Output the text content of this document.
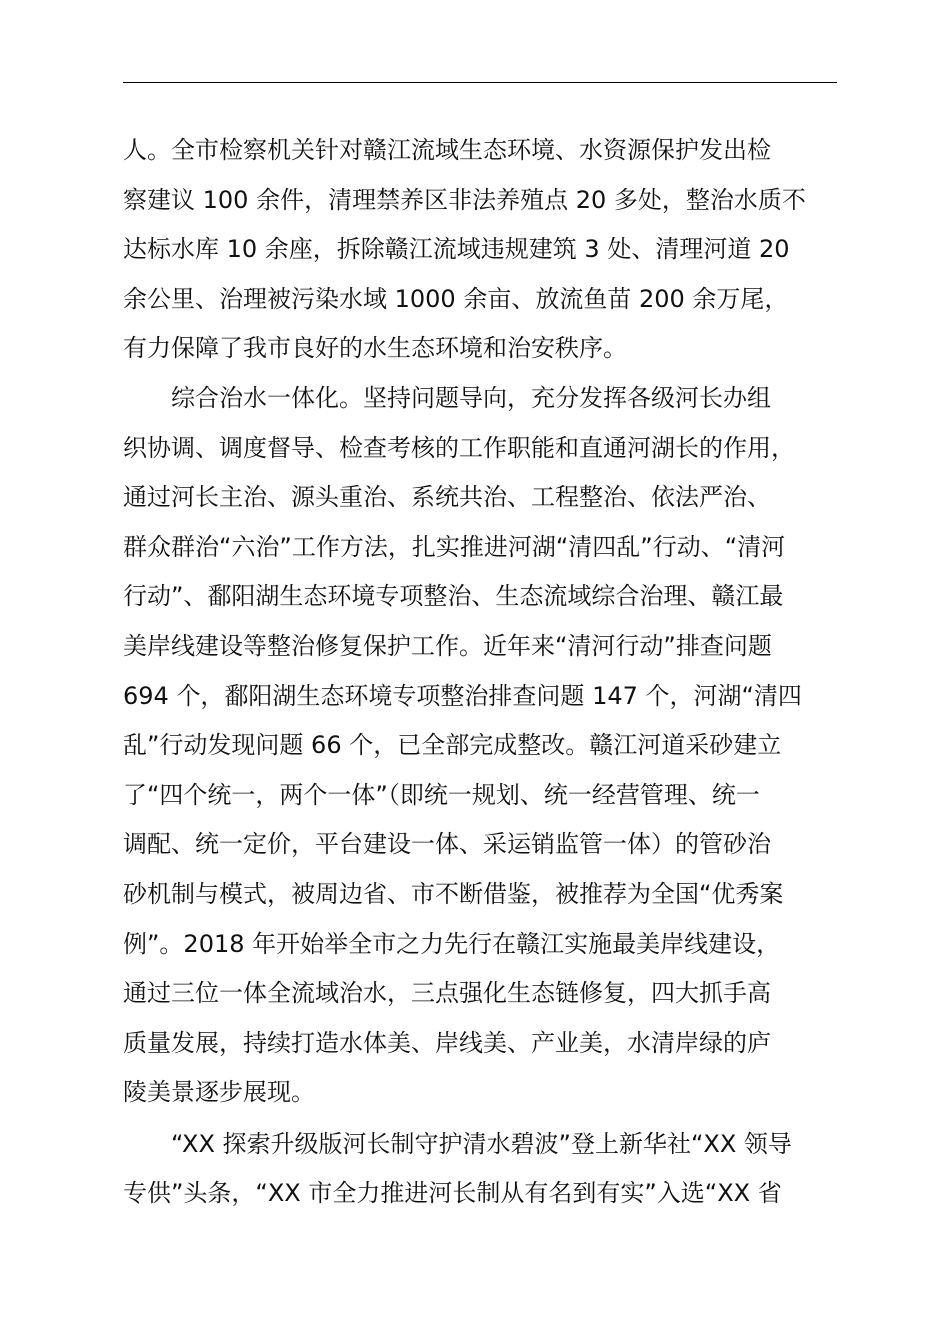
人。全市检察机关针对赣江流域生态环境、水资源保护发出检
察建议 100 余件，清理禁养区非法养殖点 20 多处，整治水质不
达标水库 10 余座，拆除赣江流域违规建筑 3 处、清理河道 20
余公里、治理被污染水域 1000 余亩、放流鱼苗 200 余万尾，
有力保障了我市良好的水生态环境和治安秩序。
　　综合治水一体化。坚持问题导向，充分发挥各级河长办组
织协调、调度督导、检查考核的工作职能和直通河湖长的作用，
通过河长主治、源头重治、系统共治、工程整治、依法严治、
群众群治“六治”工作方法，扎实推进河湖“清四乱”行动、“清河
行动”、鄱阳湖生态环境专项整治、生态流域综合治理、赣江最
美岸线建设等整治修复保护工作。近年来“清河行动”排查问题
694 个，鄱阳湖生态环境专项整治排查问题 147 个，河湖“清四
乱”行动发现问题 66 个，已全部完成整改。赣江河道采砂建立
了“四个统一，两个一体”（即统一规划、统一经营管理、统一
调配、统一定价，平台建设一体、采运销监管一体）的管砂治
砂机制与模式，被周边省、市不断借鉴，被推荐为全国“优秀案
例”。2018 年开始举全市之力先行在赣江实施最美岸线建设，
通过三位一体全流域治水，三点强化生态链修复，四大抓手高
质量发展，持续打造水体美、岸线美、产业美，水清岸绿的庐
陵美景逐步展现。
　　“XX 探索升级版河长制守护清水碧波”登上新华社“XX 领导
专供”头条，“XX 市全力推进河长制从有名到有实”入选“XX 省
